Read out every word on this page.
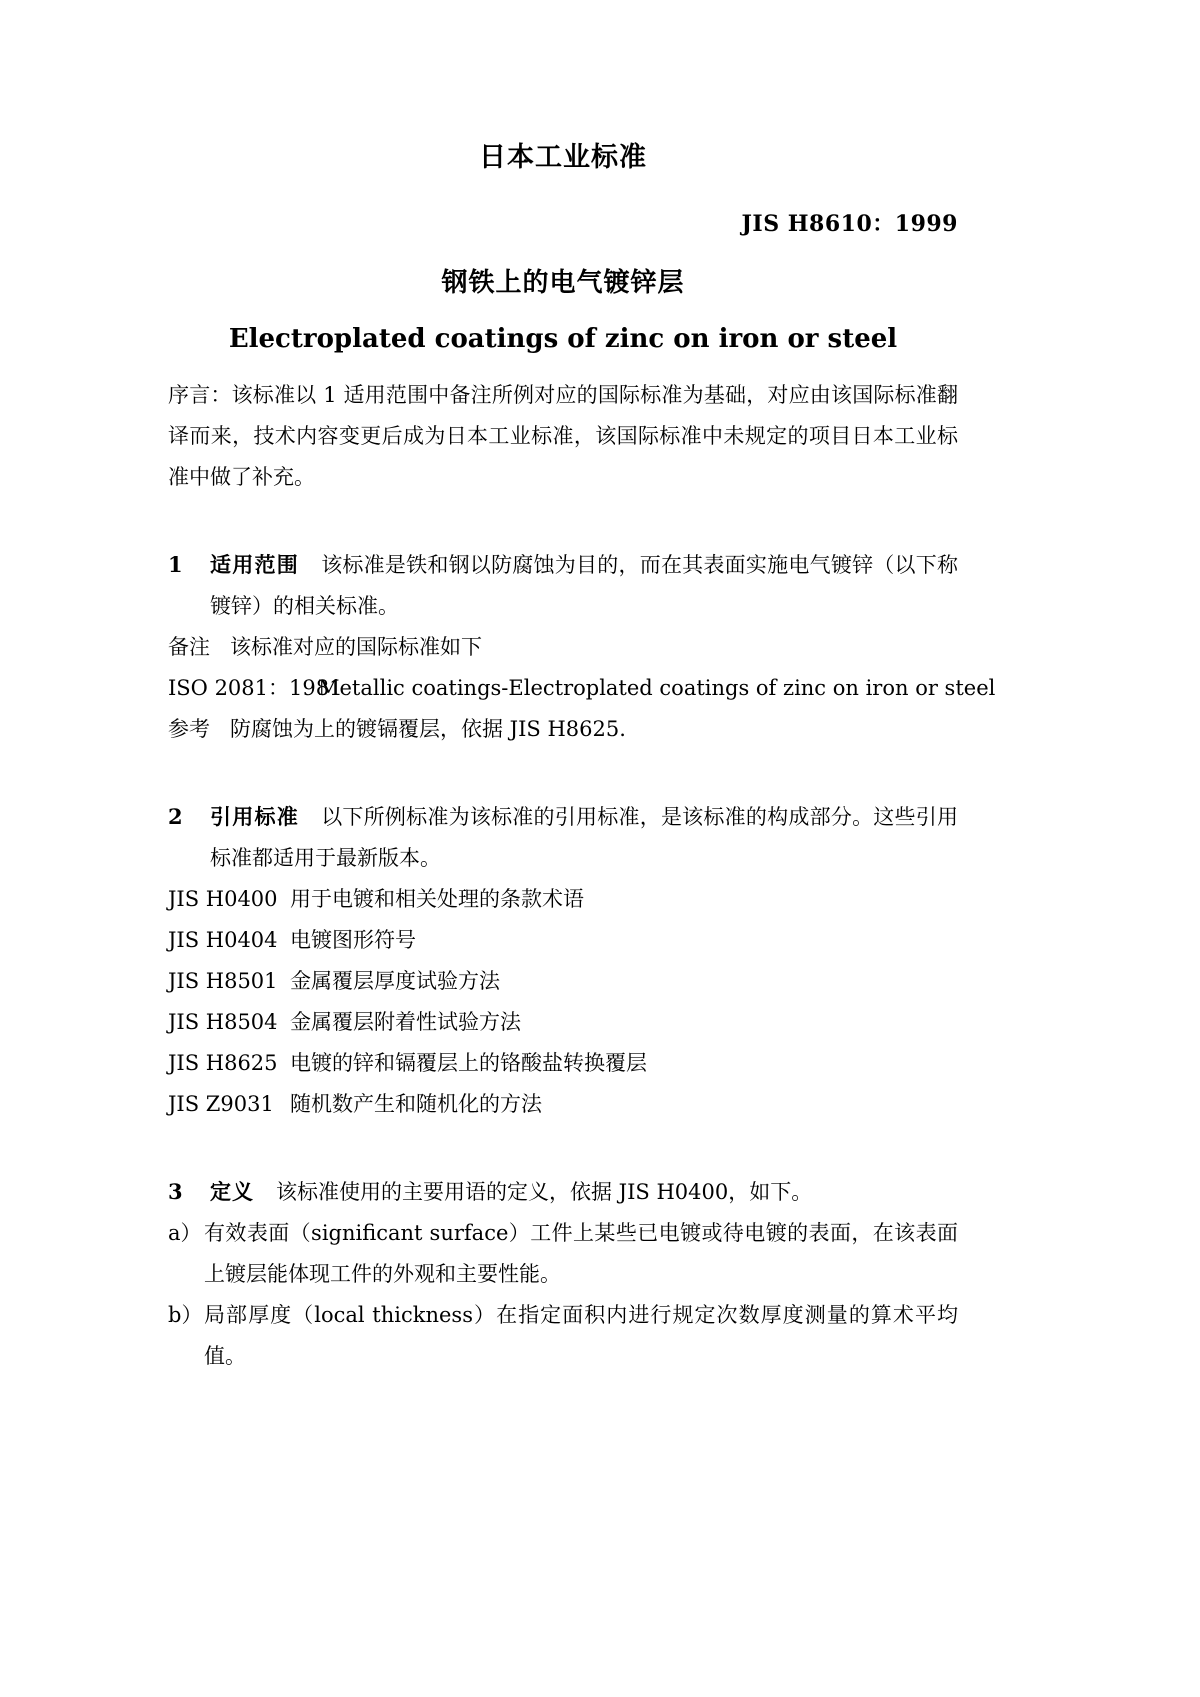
日本工业标准
JIS H8610：1999
钢铁上的电气镀锌层
Electroplated coatings of zinc on iron or steel

序言：该标准以 1 适用范围中备注所例对应的国际标准为基础，对应由该国际标准翻译而来，技术内容变更后成为日本工业标准，该国际标准中未规定的项目日本工业标准中做了补充。

1 适用范围 该标准是铁和钢以防腐蚀为目的，而在其表面实施电气镀锌（以下称镀锌）的相关标准。
备注 该标准对应的国际标准如下
ISO 2081：1981Metallic coatings-Electroplated coatings of zinc on iron or steel
参考 防腐蚀为上的镀镉覆层，依据 JIS H8625.
2 引用标准 以下所例标准为该标准的引用标准，是该标准的构成部分。这些引用标准都适用于最新版本。
JIS H0400 用于电镀和相关处理的条款术语
JIS H0404 电镀图形符号
JIS H8501 金属覆层厚度试验方法
JIS H8504 金属覆层附着性试验方法
JIS H8625 电镀的锌和镉覆层上的铬酸盐转换覆层
JIS Z9031 随机数产生和随机化的方法
3 定义 该标准使用的主要用语的定义，依据 JIS H0400，如下。
a） 有效表面（significant surface）工件上某些已电镀或待电镀的表面，在该表面上镀层能体现工件的外观和主要性能。
b） 局部厚度（local thickness）在指定面积内进行规定次数厚度测量的算术平均值。
